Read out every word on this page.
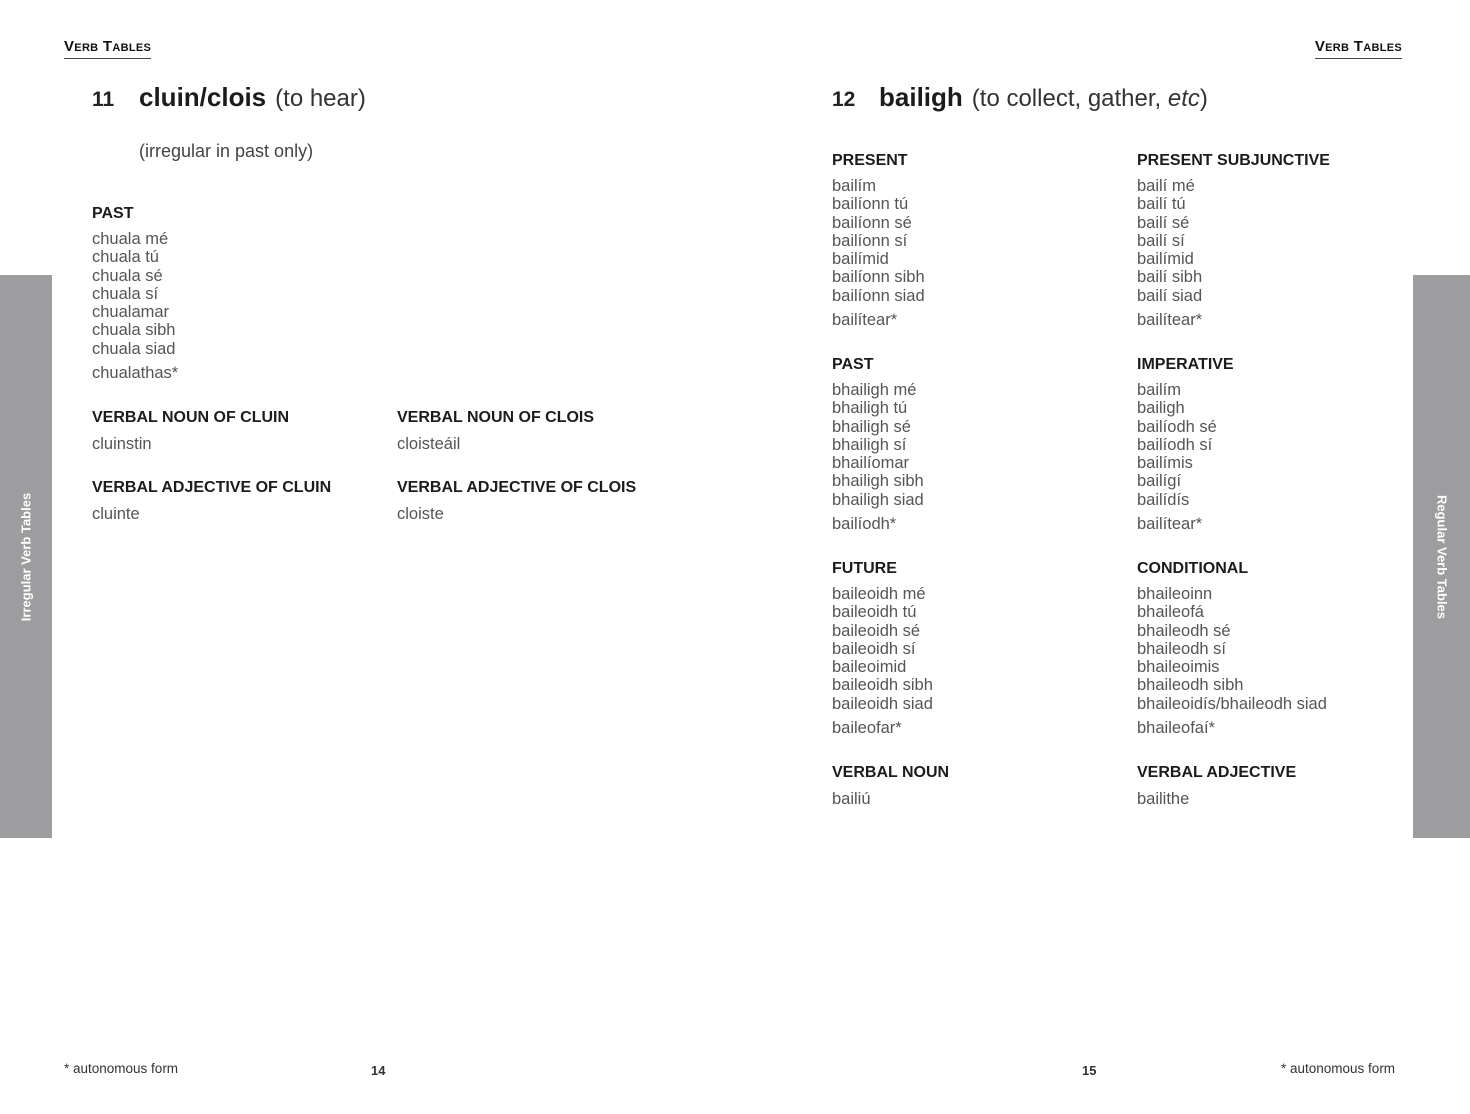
Verb Tables
Irregular Verb Tables
11 cluin/clois (to hear)
(irregular in past only)
PAST
chuala mé
chuala tú
chuala sé
chuala sí
chualamar
chuala sibh
chuala siad
chualathas*
VERBAL NOUN OF CLUIN
cluinstin
VERBAL NOUN OF CLOIS
cloisteáil
VERBAL ADJECTIVE OF CLUIN
cluinte
VERBAL ADJECTIVE OF CLOIS
cloiste
* autonomous form	14
Verb Tables
Regular Verb Tables
12 bailigh (to collect, gather, etc)
PRESENT
bailím
bailíonn tú
bailíonn sé
bailíonn sí
bailímid
bailíonn sibh
bailíonn siad
bailítear*
PRESENT SUBJUNCTIVE
bailí mé
bailí tú
bailí sé
bailí sí
bailímid
bailí sibh
bailí siad
bailítear*
PAST
bhailigh mé
bhailigh tú
bhailigh sé
bhailigh sí
bhailíomar
bhailigh sibh
bhailigh siad
bailíodh*
IMPERATIVE
bailím
bailigh
bailíodh sé
bailíodh sí
bailímis
bailígí
bailídís
bailítear*
FUTURE
baileoidh mé
baileoidh tú
baileoidh sé
baileoidh sí
baileoimid
baileoidh sibh
baileoidh siad
baileofar*
CONDITIONAL
bhaileoinn
bhaileofá
bhaileodh sé
bhaileodh sí
bhaileoimis
bhaileodh sibh
bhaileoidís/bhaileodh siad
bhaileofaí*
VERBAL NOUN
bailiú
VERBAL ADJECTIVE
bailithe
15	* autonomous form
